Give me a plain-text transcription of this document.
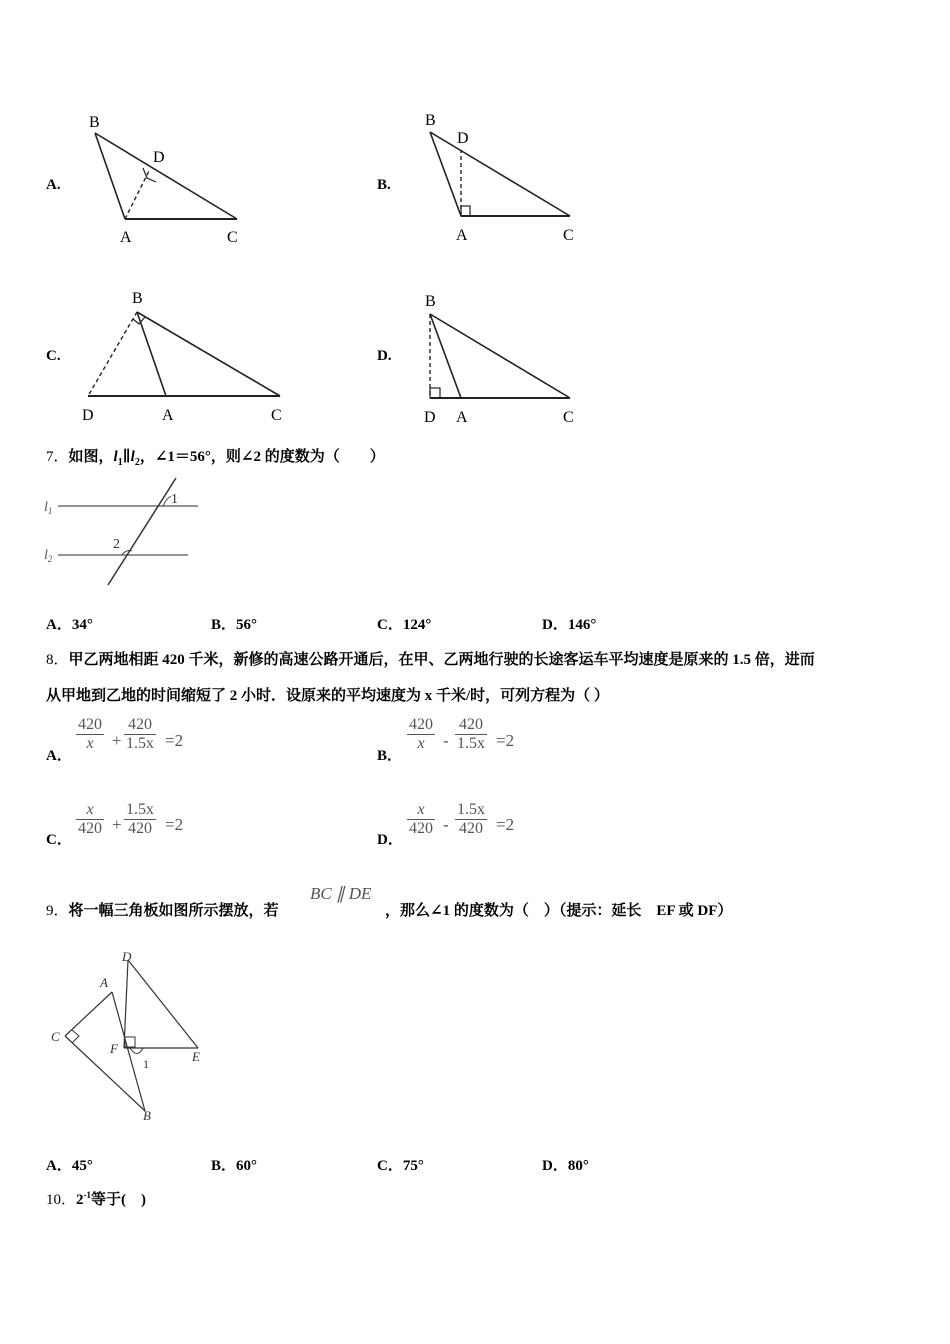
A.
B
D
A	C
B.
B
D
A	C
C.
B
D	A	C
D.
B
D A	C
7．如图，$l_1\parallel l_2$，∠1＝56°，则∠2 的度数为（　　）
$l_1$
$l_2$
1
2
A．34°	B．56°	C．124°	D．146°
8．甲乙两地相距 420 千米，新修的高速公路开通后，在甲、乙两地行驶的长途客运车平均速度是原来的 1.5 倍，进而
从甲地到乙地的时间缩短了 2 小时．设原来的平均速度为 x 千米/时，可列方程为（ ）
A．
$\frac{420}{x} + \frac{420}{1.5x} =2$
B．
$\frac{420}{x} - \frac{420}{1.5x} =2$
C．
$\frac{x}{420} + \frac{1.5x}{420} =2$
D．
$\frac{x}{420} - \frac{1.5x}{420} =2$
9．将一幅三角板如图所示摆放，若
BC ∥ DE
，那么∠1 的度数为（　）（提示：延长　EF 或 DF）
A
B
C
D
E
F
1
A．45°	B．60°	C．75°	D．80°
10．$2^{-1}$等于(　)
